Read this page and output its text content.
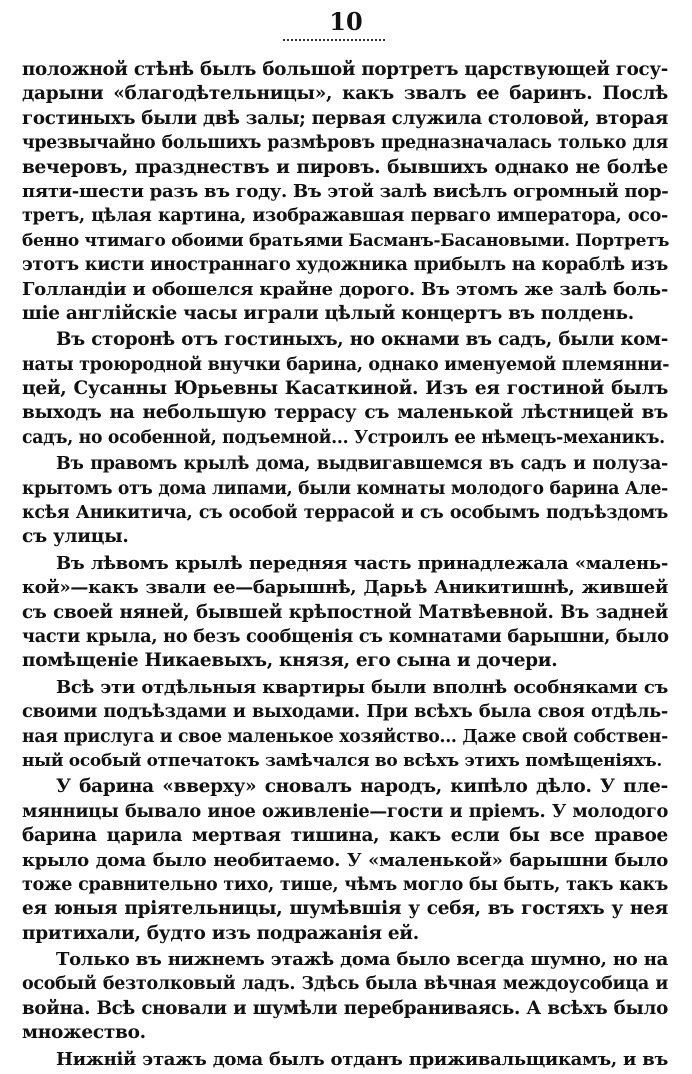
10
положной стѣнѣ былъ большой портретъ царствующей госу-
дарыни «благодѣтельницы», какъ звалъ ее баринъ. Послѣ
гостиныхъ были двѣ залы; первая служила столовой, вторая
чрезвычайно большихъ размѣровъ предназначалась только для
вечеровъ, празднествъ и пировъ. бывшихъ однако не болѣе
пяти-шести разъ въ году. Въ этой залѣ висѣлъ огромный пор-
третъ, цѣлая картина, изображавшая перваго императора, осо-
бенно чтимаго обоими братьями Басманъ-Басановыми. Портретъ
этотъ кисти иностраннаго художника прибылъ на кораблѣ изъ
Голландіи и обошелся крайне дорого. Въ этомъ же залѣ боль-
шіе англійскіе часы играли цѣлый концертъ въ полдень.
Въ сторонѣ отъ гостиныхъ, но окнами въ садъ, были ком-
наты троюродной внучки барина, однако именуемой племянни-
цей, Сусанны Юрьевны Касаткиной. Изъ ея гостиной былъ
выходъ на небольшую террасу съ маленькой лѣстницей въ
садъ, но особенной, подъемной... Устроилъ ее нѣмецъ-механикъ.
Въ правомъ крылѣ дома, выдвигавшемся въ садъ и полуза-
крытомъ отъ дома липами, были комнаты молодого барина Але-
ксѣя Аникитича, съ особой террасой и съ особымъ подъѣздомъ
съ улицы.
Въ лѣвомъ крылѣ передняя часть принадлежала «малень-
кой»—какъ звали ее—барышнѣ, Дарьѣ Аникитишнѣ, жившей
съ своей няней, бывшей крѣпостной Матвѣевной. Въ задней
части крыла, но безъ сообщенія съ комнатами барышни, было
помѣщеніе Никаевыхъ, князя, его сына и дочери.
Всѣ эти отдѣльныя квартиры были вполнѣ особняками съ
своими подъѣздами и выходами. При всѣхъ была своя отдѣль-
ная прислуга и свое маленькое хозяйство... Даже свой собствен-
ный особый отпечатокъ замѣчался во всѣхъ этихъ помѣщеніяхъ.
У барина «вверху» сновалъ народъ, кипѣло дѣло. У пле-
мянницы бывало иное оживленіе—гости и пріемъ. У молодого
барина царила мертвая тишина, какъ если бы все правое
крыло дома было необитаемо. У «маленькой» барышни было
тоже сравнительно тихо, тише, чѣмъ могло бы быть, такъ какъ
ея юныя пріятельницы, шумѣвшія у себя, въ гостяхъ у нея
притихали, будто изъ подражанія ей.
Только въ нижнемъ этажѣ дома было всегда шумно, но на
особый безтолковый ладъ. Здѣсь была вѣчная междоусобица и
война. Всѣ сновали и шумѣли перебраниваясь. А всѣхъ было
множество.
Нижній этажъ дома былъ отданъ приживальщикамъ, и въ
